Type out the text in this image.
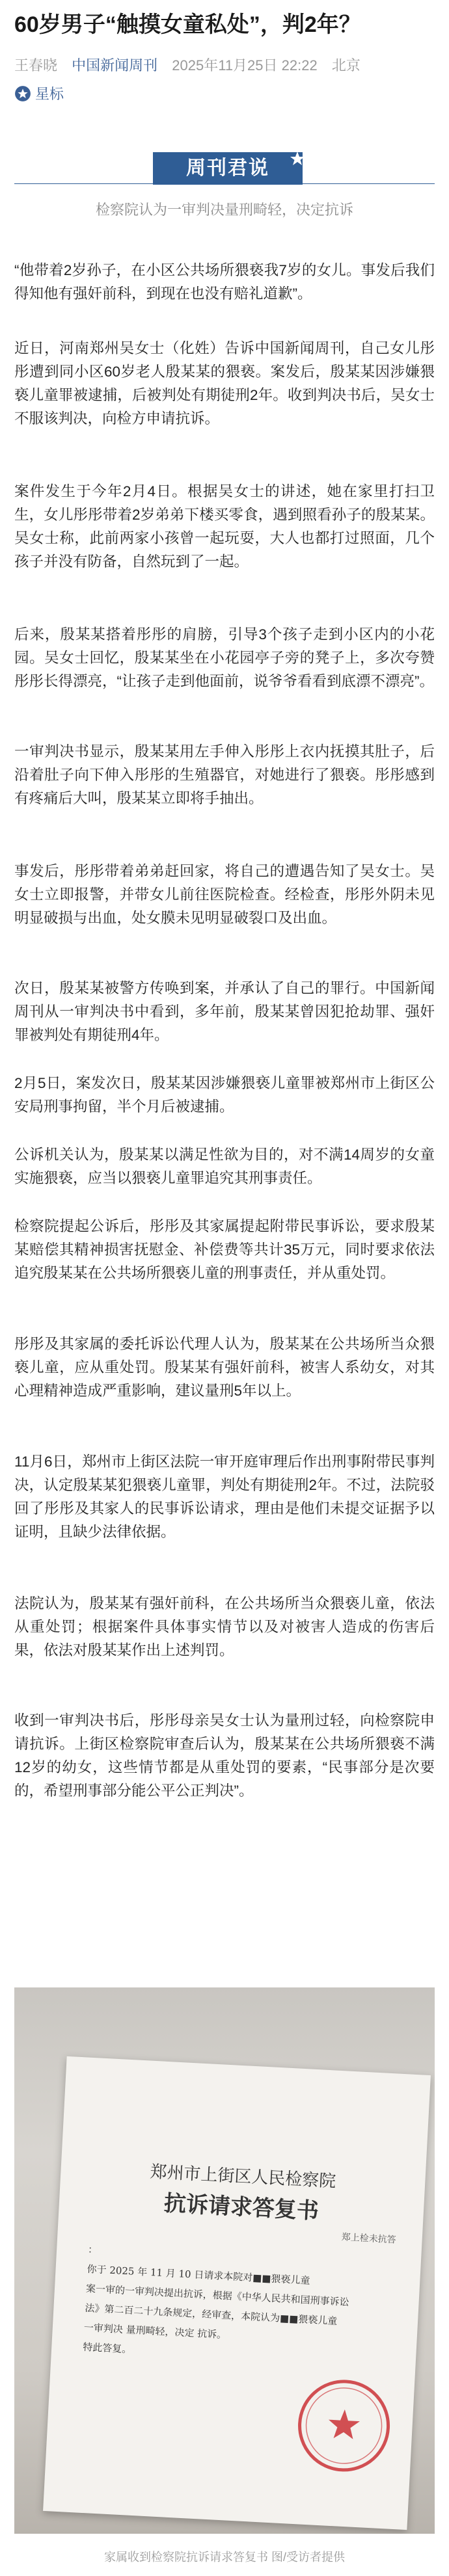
60岁男子“触摸女童私处”，判2年？
王春晓 中国新闻周刊 2025年11月25日 22:22 北京
星标
周刊君说
检察院认为一审判决量刑畸轻，决定抗诉

“他带着2岁孙子，在小区公共场所猥亵我7岁的女儿。事发后我们得知他有强奸前科，到现在也没有赔礼道歉”。

近日，河南郑州吴女士（化姓）告诉中国新闻周刊，自己女儿彤彤遭到同小区60岁老人殷某某的猥亵。案发后，殷某某因涉嫌猥亵儿童罪被逮捕，后被判处有期徒刑2年。收到判决书后，吴女士不服该判决，向检方申请抗诉。

案件发生于今年2月4日。根据吴女士的讲述，她在家里打扫卫生，女儿彤彤带着2岁弟弟下楼买零食，遇到照看孙子的殷某某。吴女士称，此前两家小孩曾一起玩耍，大人也都打过照面，几个孩子并没有防备，自然玩到了一起。

后来，殷某某搭着彤彤的肩膀，引导3个孩子走到小区内的小花园。吴女士回忆，殷某某坐在小花园亭子旁的凳子上，多次夸赞彤彤长得漂亮，“让孩子走到他面前，说爷爷看看到底漂不漂亮”。

一审判决书显示，殷某某用左手伸入彤彤上衣内抚摸其肚子，后沿着肚子向下伸入彤彤的生殖器官，对她进行了猥亵。彤彤感到有疼痛后大叫，殷某某立即将手抽出。

事发后，彤彤带着弟弟赶回家，将自己的遭遇告知了吴女士。吴女士立即报警，并带女儿前往医院检查。经检查，彤彤外阴未见明显破损与出血，处女膜未见明显破裂口及出血。

次日，殷某某被警方传唤到案，并承认了自己的罪行。中国新闻周刊从一审判决书中看到，多年前，殷某某曾因犯抢劫罪、强奸罪被判处有期徒刑4年。

2月5日，案发次日，殷某某因涉嫌猥亵儿童罪被郑州市上街区公安局刑事拘留，半个月后被逮捕。

公诉机关认为，殷某某以满足性欲为目的，对不满14周岁的女童实施猥亵，应当以猥亵儿童罪追究其刑事责任。

检察院提起公诉后，彤彤及其家属提起附带民事诉讼，要求殷某某赔偿其精神损害抚慰金、补偿费等共计35万元，同时要求依法追究殷某某在公共场所猥亵儿童的刑事责任，并从重处罚。

彤彤及其家属的委托诉讼代理人认为，殷某某在公共场所当众猥亵儿童，应从重处罚。殷某某有强奸前科，被害人系幼女，对其心理精神造成严重影响，建议量刑5年以上。

11月6日，郑州市上街区法院一审开庭审理后作出刑事附带民事判决，认定殷某某犯猥亵儿童罪，判处有期徒刑2年。不过，法院驳回了彤彤及其家人的民事诉讼请求，理由是他们未提交证据予以证明，且缺少法律依据。

法院认为，殷某某有强奸前科，在公共场所当众猥亵儿童，依法从重处罚；根据案件具体事实情节以及对被害人造成的伤害后果，依法对殷某某作出上述判罚。

收到一审判决书后，彤彤母亲吴女士认为量刑过轻，向检察院申请抗诉。上街区检察院审查后认为，殷某某在公共场所猥亵不满12岁的幼女，这些情节都是从重处罚的要素，“民事部分是次要的，希望刑事部分能公平公正判决”。

郑州市上街区人民检察院
抗诉请求答复书
郑上检未抗答
：
你于 2025 年 11 月 10 日请求本院对■■猥亵儿童
案一审的一审判决提出抗诉，根据《中华人民共和国刑事诉讼
法》第二百二十九条规定，经审查，本院认为■■猥亵儿童
一审判决 量刑畸轻，决定 抗诉。
特此答复。
家属收到检察院抗诉请求答复书 图/受访者提供
